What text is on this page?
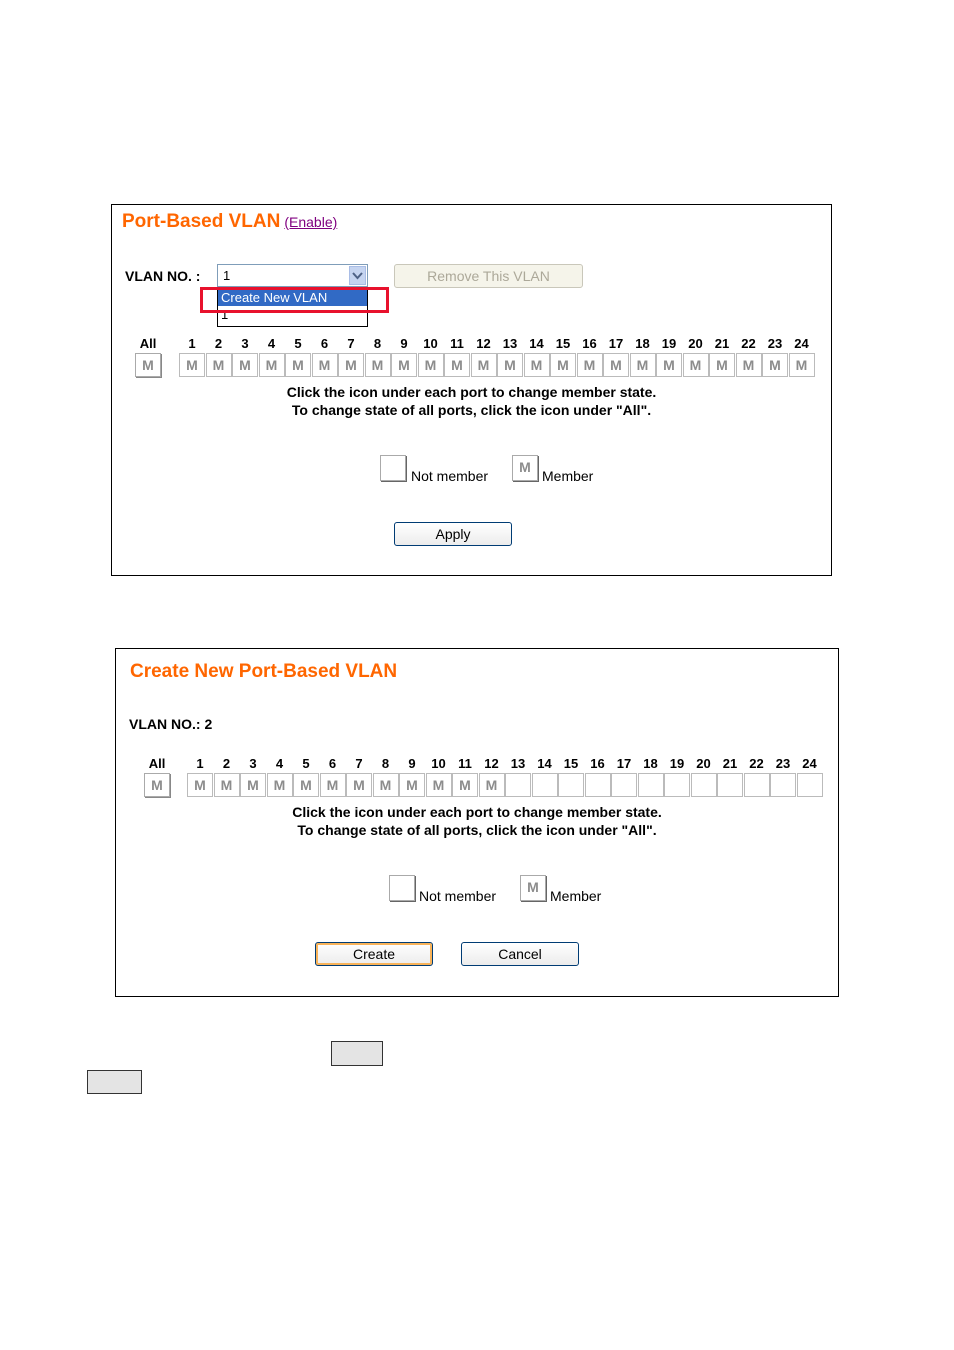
Port-Based VLAN (Enable)
VLAN NO. : 1
Create New VLAN
1
Remove This VLAN
All
M
1	2	3	4	5	6	7	8	9	10 11 12 13 14 15 16 17 18 19 20 21 22 23 24
M	M	M	M	M	M	M	M	M	M	M	M	M	M	M	M	M	M	M	M	M	M	M	M
Click the icon under each port to change member state.
To change state of all ports, click the icon under "All".
Not member
M
Member
Apply
Create New Port-Based VLAN
VLAN NO.: 2
All
M
1	2	3	4	5	6	7	8	9	10 11 12 13 14 15 16 17 18 19 20 21 22 23 24
M	M	M	M	M	M	M	M	M	M	M	M
Click the icon under each port to change member state.
To change state of all ports, click the icon under "All".
Not member
M
Member
Create	Cancel
